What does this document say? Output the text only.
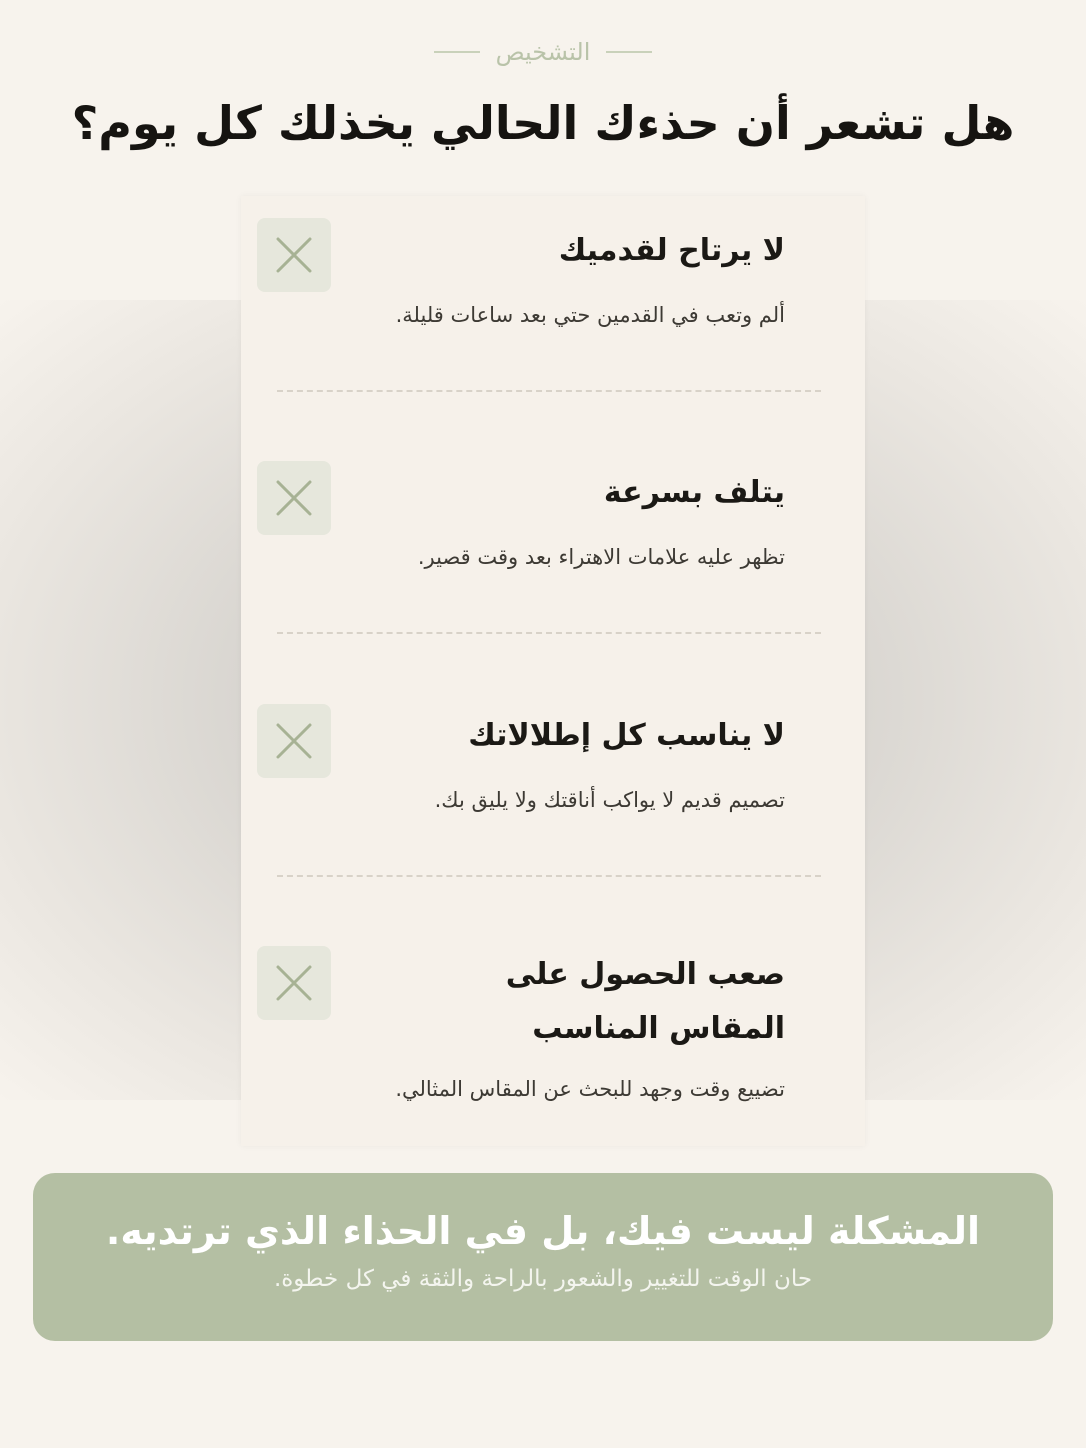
التشخيص
هل تشعر أن حذءك الحالي يخذلك كل يوم؟
لا يرتاح لقدميك
ألم وتعب في القدمين حتي بعد ساعات قليلة.
يتلف بسرعة
تظهر عليه علامات الاهتراء بعد وقت قصير.
لا يناسب كل إطلالاتك
تصميم قديم لا يواكب أناقتك ولا يليق بك.
صعب الحصول على المقاس المناسب
تضييع وقت وجهد للبحث عن المقاس المثالي.
المشكلة ليست فيك، بل في الحذاء الذي ترتديه.
حان الوقت للتغيير والشعور بالراحة والثقة في كل خطوة.
